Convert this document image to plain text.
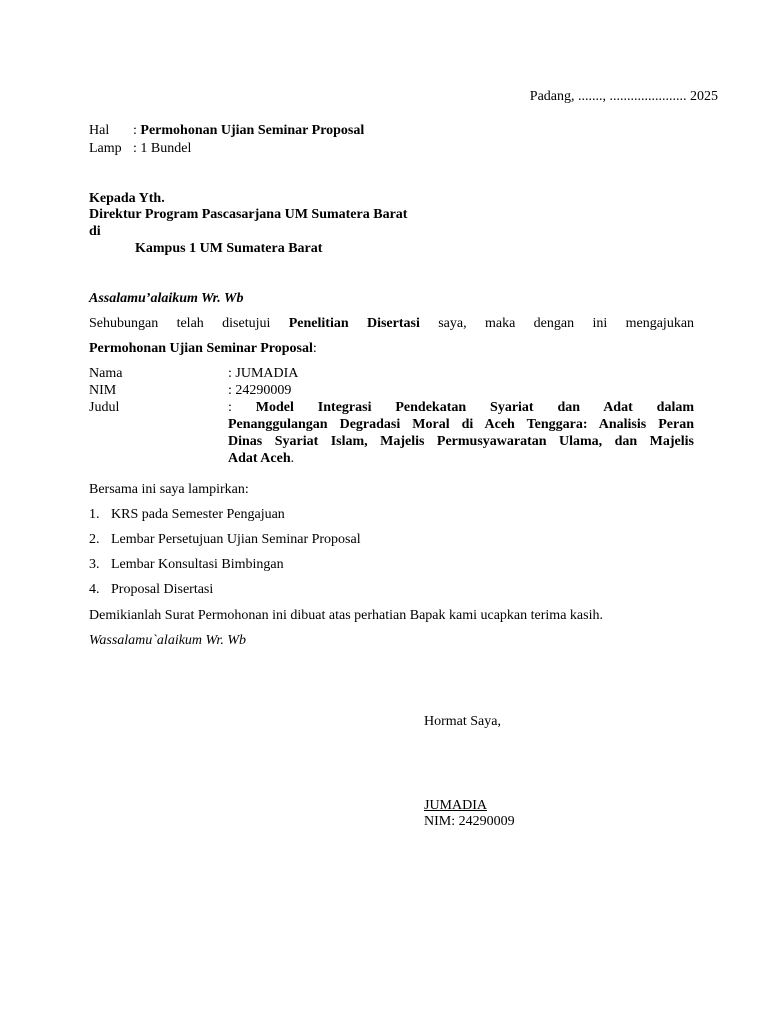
Padang, ......., ...................... 2025
Hal	: Permohonan Ujian Seminar Proposal
Lamp : 1 Bundel
Kepada Yth.
Direktur Program Pascasarjana UM Sumatera Barat
di
Kampus 1 UM Sumatera Barat
Assalamu’alaikum Wr. Wb
Sehubungan telah disetujui Penelitian Disertasi saya, maka dengan ini mengajukan
Permohonan Ujian Seminar Proposal:
Nama	: JUMADIA
NIM	: 24290009
Judul	: Model Integrasi Pendekatan Syariat dan Adat dalam
Penanggulangan Degradasi Moral di Aceh Tenggara: Analisis Peran
Dinas Syariat Islam, Majelis Permusyawaratan Ulama, dan Majelis
Adat Aceh.
Bersama ini saya lampirkan:
1. KRS pada Semester Pengajuan
2. Lembar Persetujuan Ujian Seminar Proposal
3. Lembar Konsultasi Bimbingan
4. Proposal Disertasi
Demikianlah Surat Permohonan ini dibuat atas perhatian Bapak kami ucapkan terima kasih.
Wassalamu`alaikum Wr. Wb
Hormat Saya,
JUMADIA
NIM: 24290009
